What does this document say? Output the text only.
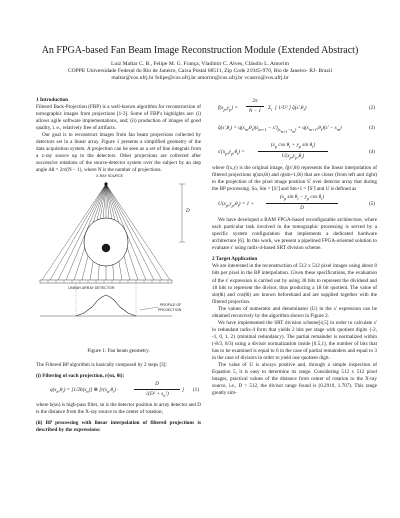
An FPGA-based Fan Beam Image Reconstruction Module (Extended Abstract)
Luiz Maltar C. B., Felipe M. G. França, Vladimir C. Alves, Cláudio L. Amorim
COPPE Universidade Federal do Rio de Janeiro, Caixa Postal 68511, Zip Code 21945-970, Rio de Janeiro- RJ- Brazil
maltar@cos.ufrj.br felipe@cos.ufrj.br amorim@cos.ufrj.br vcastro@cos.ufrj.br

1 Introduction

Filtered Back-Projection (FBP) is a well-known algorithm for reconstruction of tomographic images from projections [1-3]. Some of FBP's highlights are: (i) allows agile software implementations, and; (ii) production of images of good quality, i. e., relatively free of artifacts.

Our goal is to reconstruct images from fan beam projections collected by detectors set in a linear array. Figure 1 presents a simplified geometry of the data acquisition system. A projection can be seen as a set of line integrals from a x-ray source up to the detectors. Other projections are collected after successive rotations of the source-detector system over the subject by an step angle Δθ = 2π/(N − 1), where N is the number of projections.

X-RAY SOURCE
D
LINEAR ARRAY DETECTOR
PROFILE OF
PROJECTION
Figure 1: Fan beam geometry.

The Filtered BP algorithm is basically composed by 2 steps [3]:

(i) Filtering of each projection, r(sn, θi):

$q(s_n,\theta_i) = [1/2h(s_n)]$ ⊗ [$r(s_n,\theta_i)$ ·
D
$√(D^2 + s_n^2)$
] (1)

where h(sn) is high-pass filter, sn is the detector position in array detector and D is the distance from the X-ray source to the center of rotation;

(ii) BP processing with linear interpolation of filtered projections is described by the expressions:

$f(x_p,y_p)$ =
2π
N − 1
$\Sigma_i$  [ 1/U² ] $q̂(s',\theta_i)$	(2)
$q̂(s',\theta_i) = q(s_m,\theta_i)(s_{m+1} - s')_{(s_{m+1}-s_m)} + q(s_{m+1},\theta_i)(s' - s_m)$	(3)
$s'(x_p,y_p,\theta_i)$ =
($x_p$ $\cos \theta_i + y_p$ $\sin \theta_i$)
$U(x_p,y_p,\theta_i)$
(4)

where f(x,y) is the original image, q̂(s′,θi) represents the linear interpolation of filtered projections q(sm,θi) and q(sm+1,θi) that are closer (from left and right) to the projection of the pixel image position S′ over detector array that during the BP processing. So, Sm = ⌊S′⌋ and Sm+1 = ⌈S′⌉ and U is defined as

$U(x_p,y_p,\theta_i) = 1$ +
($x_p$ $\sin \theta_i - y_p$ $\cos \theta_i$)
D
(5)

We have developed a RAM FPGA-based reconfigurable architecture, where each particular task involved in the tomographic processing is served by a specific system configuration that implements a dedicated hardware architecture [6]. In this work, we present a pipelined FPGA-oriented solution to evaluate s′ using radix-4-based SRT division scheme.

2 Target Application

We are interested in the reconstruction of 512 x 512 pixel images using about 8 bits per pixel in the BP interpolation. Given these specifications, the evaluation of the s′ expression is carried out by using 36 bits to represent the dividend and 18 bits to represent the divisor, thus producing a 18 bit quotient. The value of sin(θi) and cos(θi) are known beforehand and are supplied together with the filtered projection.

The values of numerator and denominator (U) in the s′ expression can be obtained recursively by the algorithm shown in Figure 2.

We have implemented the SRT division scheme[4,5] in order to calculate s′ in redundant radix-4 form that yields 2 bits per stage with quotient digits {-2, -1, 0, 1, 2} (minimal redundancy). The partial remainder is normalized within (-8/3, 8/3) using a divisor normalization inside [0.5,1), the number of bits that has to be examined is equal to 6 in the case of partial remainders and equal to 3 in the case of divisors in order to yield one quotient digit.

The value of U is always positive and, through a simple inspection of Equation 5, it is easy to determine its range. Considering 512 x 512 pixel images, practical values of the distance from center of rotation to the X-ray source, i.e., D > 512, the divisor range found is (0.2910, 1.707). This range greatly sim-
